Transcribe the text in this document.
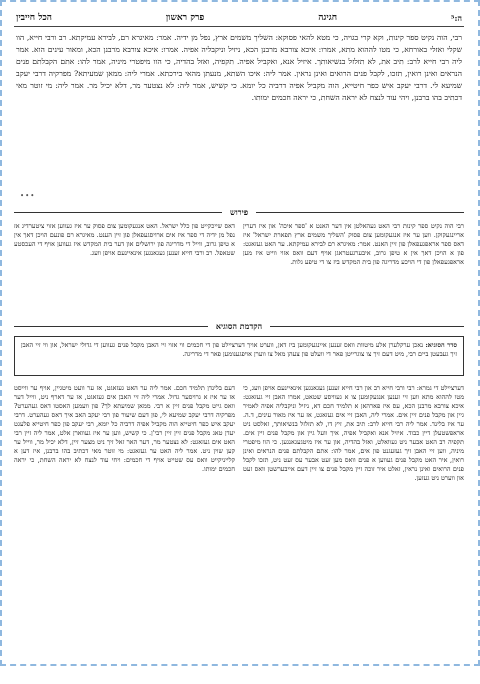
ה:⁵
חגיגה
פרק ראשון
הכל חייבין

רבי, הוה נקיט ספר קינות, וקא קרי בגויה, כי מטא להאי פסוקא: השליך משמים ארץ, נפל מן ידיה. אמר: מאיגרא רם, לבירא עמיקתא. רב ורבי חייא, הוו שקלי ואזלי באורחא, כי מטו לההוא מתא, אמרו: איכא צורבא מרבנן הכא, ניזיל וניקבליה אפיה. אמרו: איכא צורבא מרבנן הכא, ומאור עינים הוא. אמר ליה רבי חייא לרב: תיב את, לא תזלזל בנשיאותך. איזיל אנא, ואקביל אפיה. תקפיה, ואזל בהדיה, כי הוו מיפטרי מיניה, אמר להו: אתם הקבלתם פנים הנראים ואינן רואין, תזכו, לקבל פנים הרואים ואינן נראין. אמר ליה: איכו השתא, מנעתן מהאי בירכתא. אמרי ליה: ממאן שמעיתא? מפרקיה דרבי יעקב שמיעא לי. דרבי יעקב איש כפר חיטייא, הוה מקביל אפיה דרביה כל יומא. כי קשיש, אמר ליה: לא נצטער מר, דלא יכיל מר. אמר ליה: מי זוטר מאי דכתיב בהו ברבנן, ויהי עוד לנצח לא יראה השחת, כי יראה חכמים ימותו.

•••
פירוש

רבי הוה נקיט ספר קינות רבי האט געהאלטן אין דער האנט א 'ספר איכה' און איז דערין אריינגעקוקן. ווען ער איז אנגעקומען צום פסוק 'השליך משמים ארץ תפארת ישראל' איז דאס ספר אראפגעפאלן פון זיין האנט. אמר: מאיגרא רם לבירא עמיקתא. ער האט געזאגט: פון א הויכן דאך אין א טיפן גרוב, איבערגעטראגן אויף דעם וואס אזוי ווייט איז מען אראפגעפאלן פון די הויכע מדריגה פון בית המקדש ביז צו די טיפע גלות.

דאס שייכקייט פון כלל ישראל. האט אנגעקומען צום פסוק ער איז געווען אזוי ציטערדיג אז נפל מן ידיה די ספר איז אים ארויסגעפאלן פון זיין הענט. מאיגרא רם פונעם הויכן דאך אין א טיפן גרוב, ווייל די מדריגה פון ירושלים און דער בית המקדש איז געווען אויף די העכסטע שטאפל. רב ורבי חייא זענען געגאנגען אינאיינעם אויפן וועג.

הקדמת הסוגיא
סדר הסוגיא: נאכן ערקלערן אלע מיטוות וואס זענען איינגעקומען ביז דאן, ווערט אויך דערציילט פון די חכמים ווי אזוי זיי האבן מקבל פנים געווען די גדולי ישראל, און ווי זיי האבן זיך געבעטן ביים רבי, מיט דעם זיך צו צוגרייטן פאר די וועלט פון צעהן מאל צו ווערן אויפגענומען פאר די מדריגה.

דערציילט די גמרא: רבי ורבי חייא רב און רבי חייא זענען געגאנגען אינאיינעם אויפן וועג, כי מטו לההוא מתא ווען זיי זענען אנגעקומען צו א געוויסע שטאט, אמרו האבן זיי געזאגט: איכא צורבא מרבנן הכא, עס איז פארהאן א תלמיד חכם דא, ניזיל וניקבליה אפיה לאמיר גיין און מקבל פנים זיין אים. אמרי ליה, האבן זיי אים געזאגט, אז ער איז מאור עינים, ד.ה. ער איז בלינד. אמר ליה רבי חייא לרב: תיב את, זיץ דו, לא תזלזל בנשיאותך, זאלסט ניט אראפשטעלן דיין כבוד. איזיל אנא ואקביל אפיה, איך וועל גיין און מקבל פנים זיין אים. תקפיה רב האט אבער ניט געוואלט, ואזל בהדיה, און ער איז מיטגעגאנגען. כי הוו מיפטרי מיניה, ווען זיי האבן זיך געזעגנט פון אים, אמר להו: אתם הקבלתם פנים הנראים ואינן רואין, איר האט מקבל פנים געווען א פנים וואס מען זעט אבער עס זעט ניט, תזכו לקבל פנים הרואים ואינן נראין, זאלט איר זוכה זיין מקבל פנים צו זיין דעם אייבערשטן וואס זעט און ווערט ניט געזען.

דעם בלינדן תלמיד חכם. אמר ליה ער האט געזאגט, אז ער וועט מיטגיין, אויף ער ווייסט אז ער איז א גרויסער גדול. אמרי ליה זיי האבן אים געזאגט, אז ער דארף ניט, ווייל דער וואס גייט מקבל פנים זיין א רבי. ממאן שמיעתא לך? פון וועמען האסטו דאס געהערט? מפרקיה דרבי יעקב שמיעא לי, פון דעם שיעור פון רבי יעקב האב איך דאס געהערט. דרבי יעקב איש כפר חיטייא הוה מקביל אפיה דרביה כל יומא, רבי יעקב פון כפר חיטייא פלעגט יעדן טאג מקבל פנים זיין זיין רבי'ן. כי קשיש, ווען ער איז געווארן אלט, אמר ליה זיין רבי האט אים געזאגט: לא נצטער מר, דער האר זאל זיך ניט מצער זיין, דלא יכיל מר, ווייל ער קען שוין ניט. אמר ליה האט ער געזאגט: מי זוטר מאי דכתיב בהו ברבנן, איז דען א קלייניקייט וואס עס שטייט אויף די חכמים: ויחי עוד לנצח לא יראה השחת, כי יראה חכמים ימותו.
